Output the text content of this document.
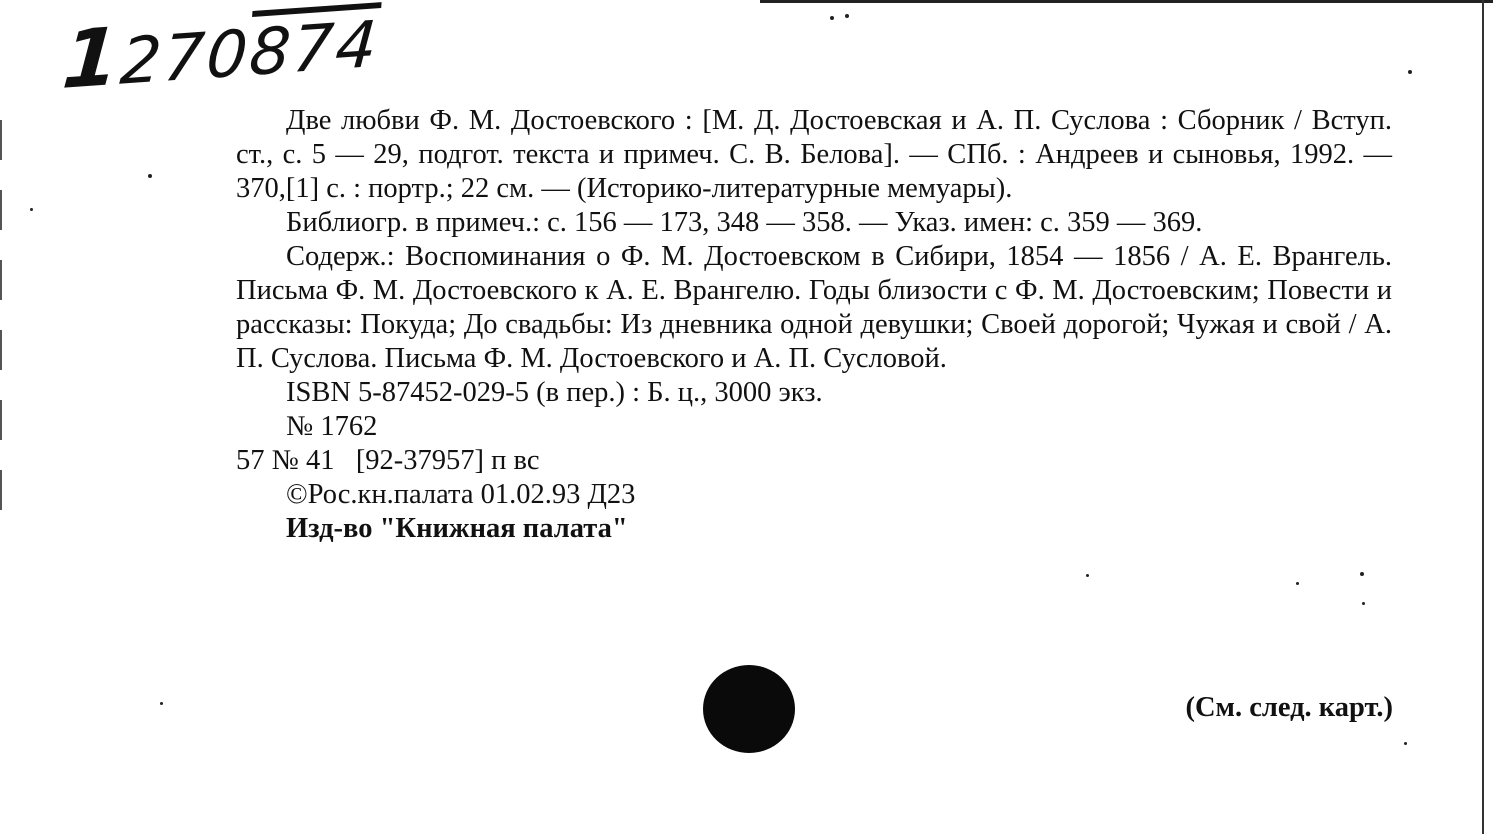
1270874

Две любви Ф. М. Достоевского : [М. Д. Достоевская и А. П. Суслова : Сборник / Вступ. ст., с. 5 — 29, подгот. текста и примеч. С. В. Белова]. — СПб. : Андреев и сыновья, 1992. — 370,[1] с. : портр.; 22 см. — (Историко-литературные мемуары).

Библиогр. в примеч.: с. 156 — 173, 348 — 358. — Указ. имен: с. 359 — 369.

Содерж.: Воспоминания о Ф. М. Достоевском в Сибири, 1854 — 1856 / А. Е. Врангель. Письма Ф. М. Достоевского к А. Е. Врангелю. Годы близости с Ф. М. Достоевским; Повести и рассказы: Покуда; До свадьбы: Из дневника одной девушки; Своей дорогой; Чужая и свой / А. П. Суслова. Письма Ф. М. Достоевского и А. П. Сусловой.

ISBN 5-87452-029-5 (в пер.) : Б. ц., 3000 экз.

№ 1762

57 № 41   [92-37957] п вс

©Рос.кн.палата 01.02.93 Д23

Изд-во "Книжная палата"

(См. след. карт.)
